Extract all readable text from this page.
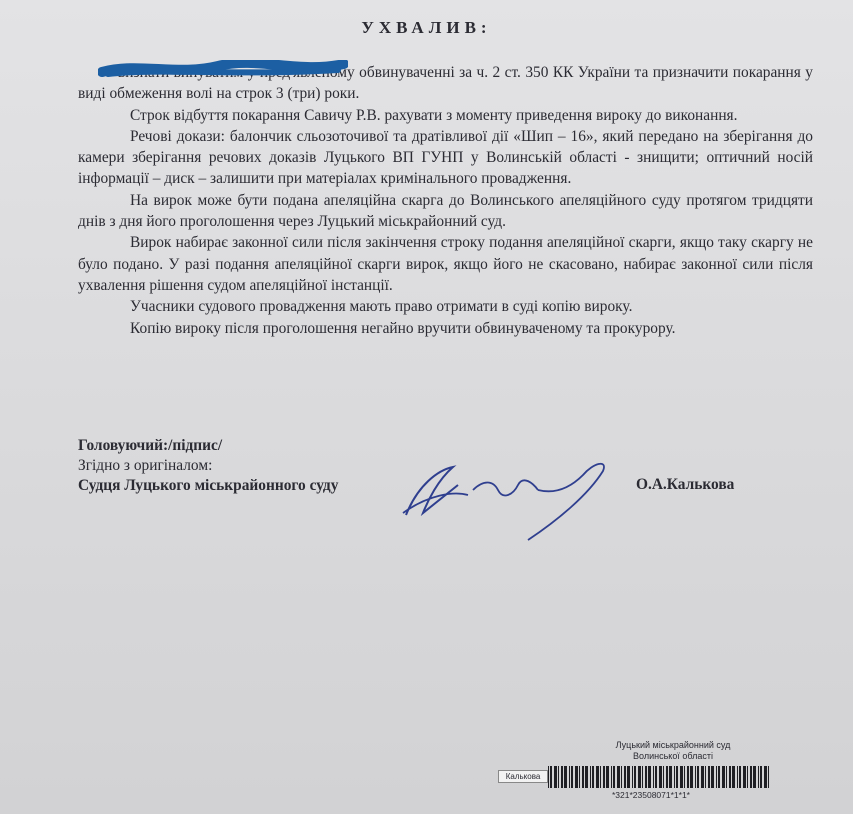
УХВАЛИВ:

визнати винуватим у пред'явленому обвинуваченні за ч. 2 ст. 350 КК України та призначити покарання у виді обмеження волі на строк 3 (три) роки.

Строк відбуття покарання Савичу Р.В. рахувати з моменту приведення вироку до виконання.

Речові докази: балончик сльозоточивої та дратівливої дії «Шип – 16», який передано на зберігання до камери зберігання речових доказів Луцького ВП ГУНП у Волинській області - знищити; оптичний носій інформації – диск – залишити при матеріалах кримінального провадження.

На вирок може бути подана апеляційна скарга до Волинського апеляційного суду протягом тридцяти днів з дня його проголошення через Луцький міськрайонний суд.

Вирок набирає законної сили після закінчення строку подання апеляційної скарги, якщо таку скаргу не було подано. У разі подання апеляційної скарги вирок, якщо його не скасовано, набирає законної сили після ухвалення рішення судом апеляційної інстанції.

Учасники судового провадження мають право отримати в суді копію вироку.

Копію вироку після проголошення негайно вручити обвинуваченому та прокурору.

Головуючий:/підпис/
Згідно з оригіналом:
Судця Луцького міськрайонного суду	О.А.Калькова
Луцький міськрайонний суд
Волинської області
Калькова
*321*23508071*1*1*
